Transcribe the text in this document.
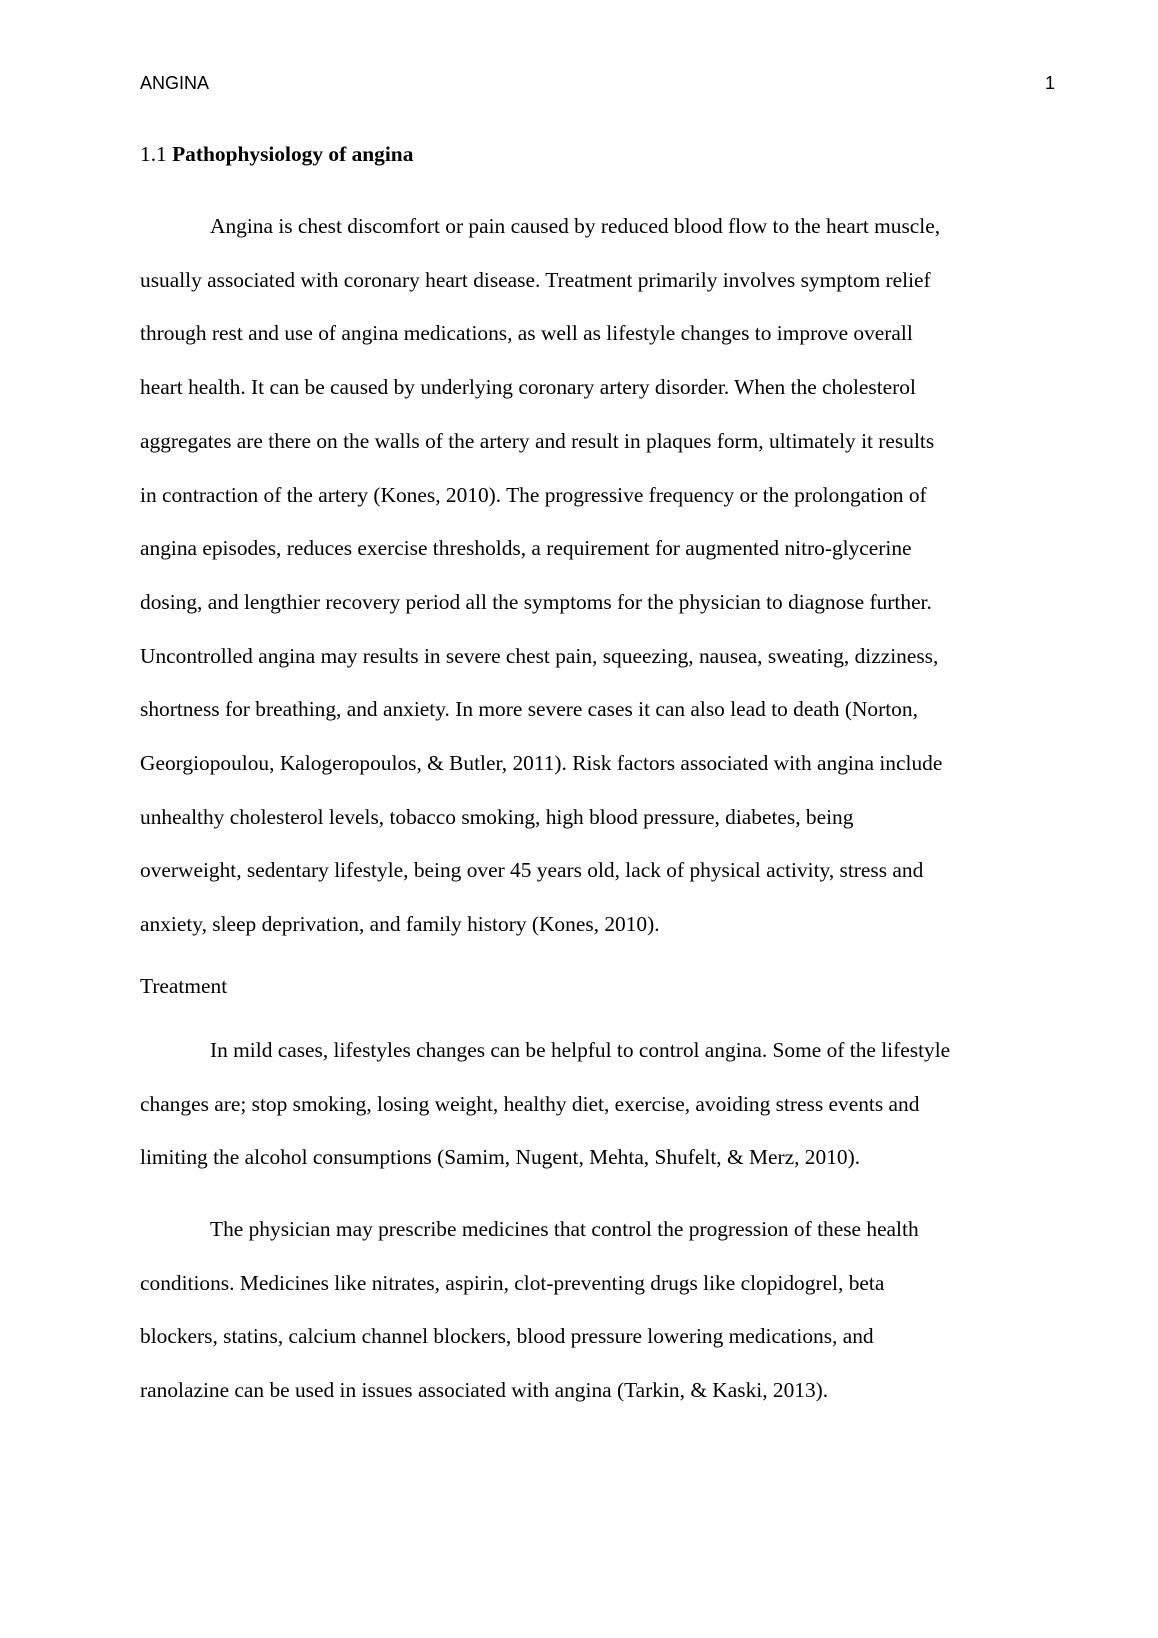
ANGINA	1
1.1 Pathophysiology of angina

Angina is chest discomfort or pain caused by reduced blood flow to the heart muscle,
usually associated with coronary heart disease. Treatment primarily involves symptom relief
through rest and use of angina medications, as well as lifestyle changes to improve overall
heart health. It can be caused by underlying coronary artery disorder. When the cholesterol
aggregates are there on the walls of the artery and result in plaques form, ultimately it results
in contraction of the artery (Kones, 2010). The progressive frequency or the prolongation of
angina episodes, reduces exercise thresholds, a requirement for augmented nitro-glycerine
dosing, and lengthier recovery period all the symptoms for the physician to diagnose further.
Uncontrolled angina may results in severe chest pain, squeezing, nausea, sweating, dizziness,
shortness for breathing, and anxiety. In more severe cases it can also lead to death (Norton,
Georgiopoulou, Kalogeropoulos, & Butler, 2011). Risk factors associated with angina include
unhealthy cholesterol levels, tobacco smoking, high blood pressure, diabetes, being
overweight, sedentary lifestyle, being over 45 years old, lack of physical activity, stress and
anxiety, sleep deprivation, and family history (Kones, 2010).

Treatment

In mild cases, lifestyles changes can be helpful to control angina. Some of the lifestyle
changes are; stop smoking, losing weight, healthy diet, exercise, avoiding stress events and
limiting the alcohol consumptions (Samim, Nugent, Mehta, Shufelt, & Merz, 2010).

The physician may prescribe medicines that control the progression of these health
conditions. Medicines like nitrates, aspirin, clot-preventing drugs like clopidogrel, beta
blockers, statins, calcium channel blockers, blood pressure lowering medications, and
ranolazine can be used in issues associated with angina (Tarkin, & Kaski, 2013).
